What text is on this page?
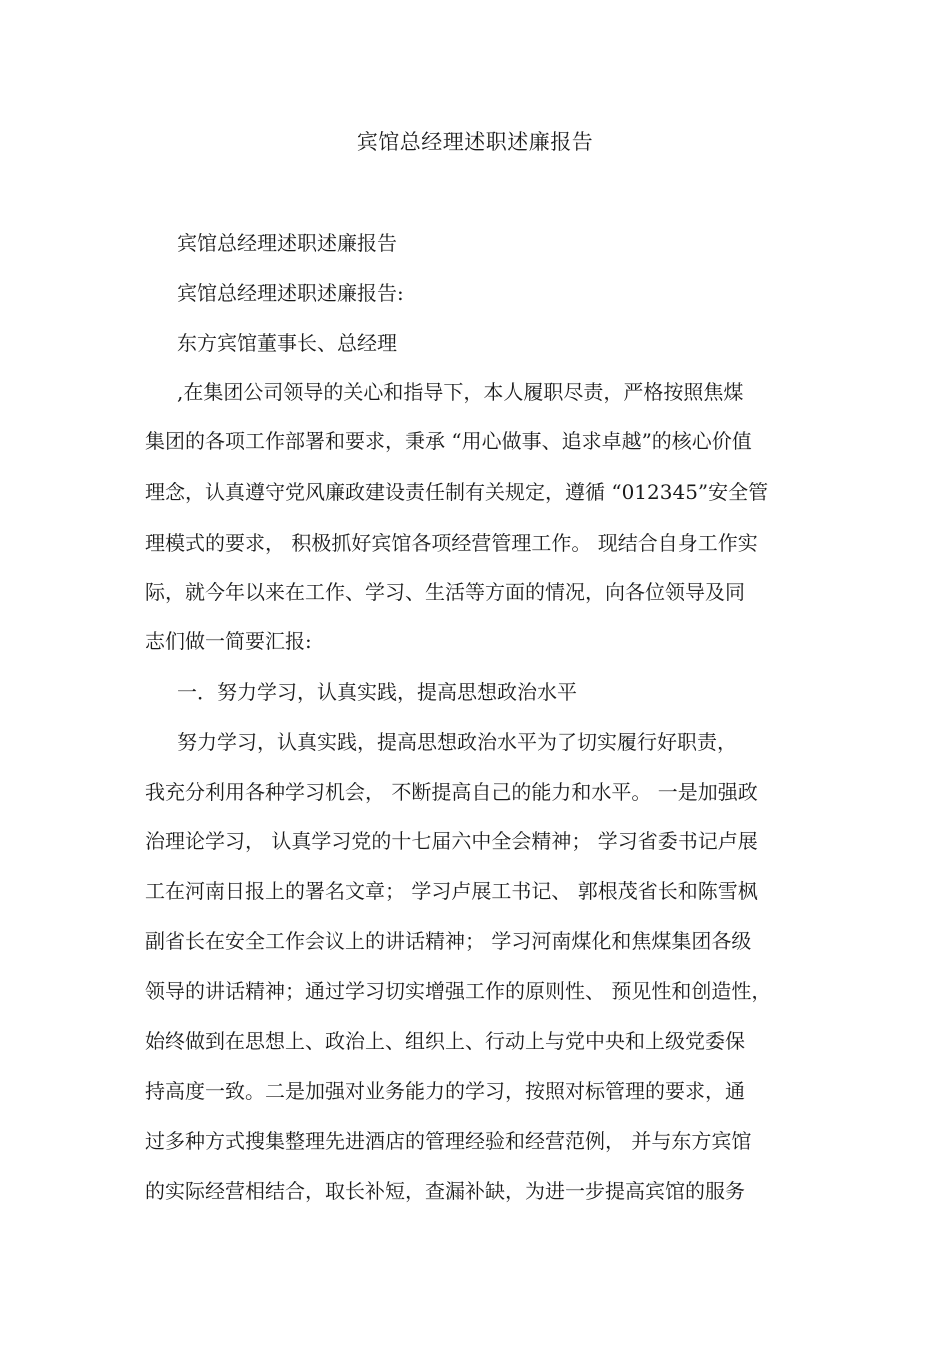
宾馆总经理述职述廉报告
宾馆总经理述职述廉报告
宾馆总经理述职述廉报告:
东方宾馆董事长、总经理
,在集团公司领导的关心和指导下，本人履职尽责，严格按照焦煤
集团的各项工作部署和要求，秉承 “用心做事、追求卓越”的核心价值
理念，认真遵守党风廉政建设责任制有关规定，遵循 “012345”安全管
理模式的要求， 积极抓好宾馆各项经营管理工作。 现结合自身工作实
际，就今年以来在工作、学习、生活等方面的情况，向各位领导及同
志们做一简要汇报:
一．努力学习，认真实践，提高思想政治水平
努力学习，认真实践，提高思想政治水平为了切实履行好职责，
我充分利用各种学习机会， 不断提高自己的能力和水平。 一是加强政
治理论学习， 认真学习党的十七届六中全会精神； 学习省委书记卢展
工在河南日报上的署名文章； 学习卢展工书记、 郭根茂省长和陈雪枫
副省长在安全工作会议上的讲话精神； 学习河南煤化和焦煤集团各级
领导的讲话精神；通过学习切实增强工作的原则性、 预见性和创造性，
始终做到在思想上、政治上、组织上、行动上与党中央和上级党委保
持高度一致。二是加强对业务能力的学习，按照对标管理的要求，通
过多种方式搜集整理先进酒店的管理经验和经营范例， 并与东方宾馆
的实际经营相结合，取长补短，查漏补缺，为进一步提高宾馆的服务
